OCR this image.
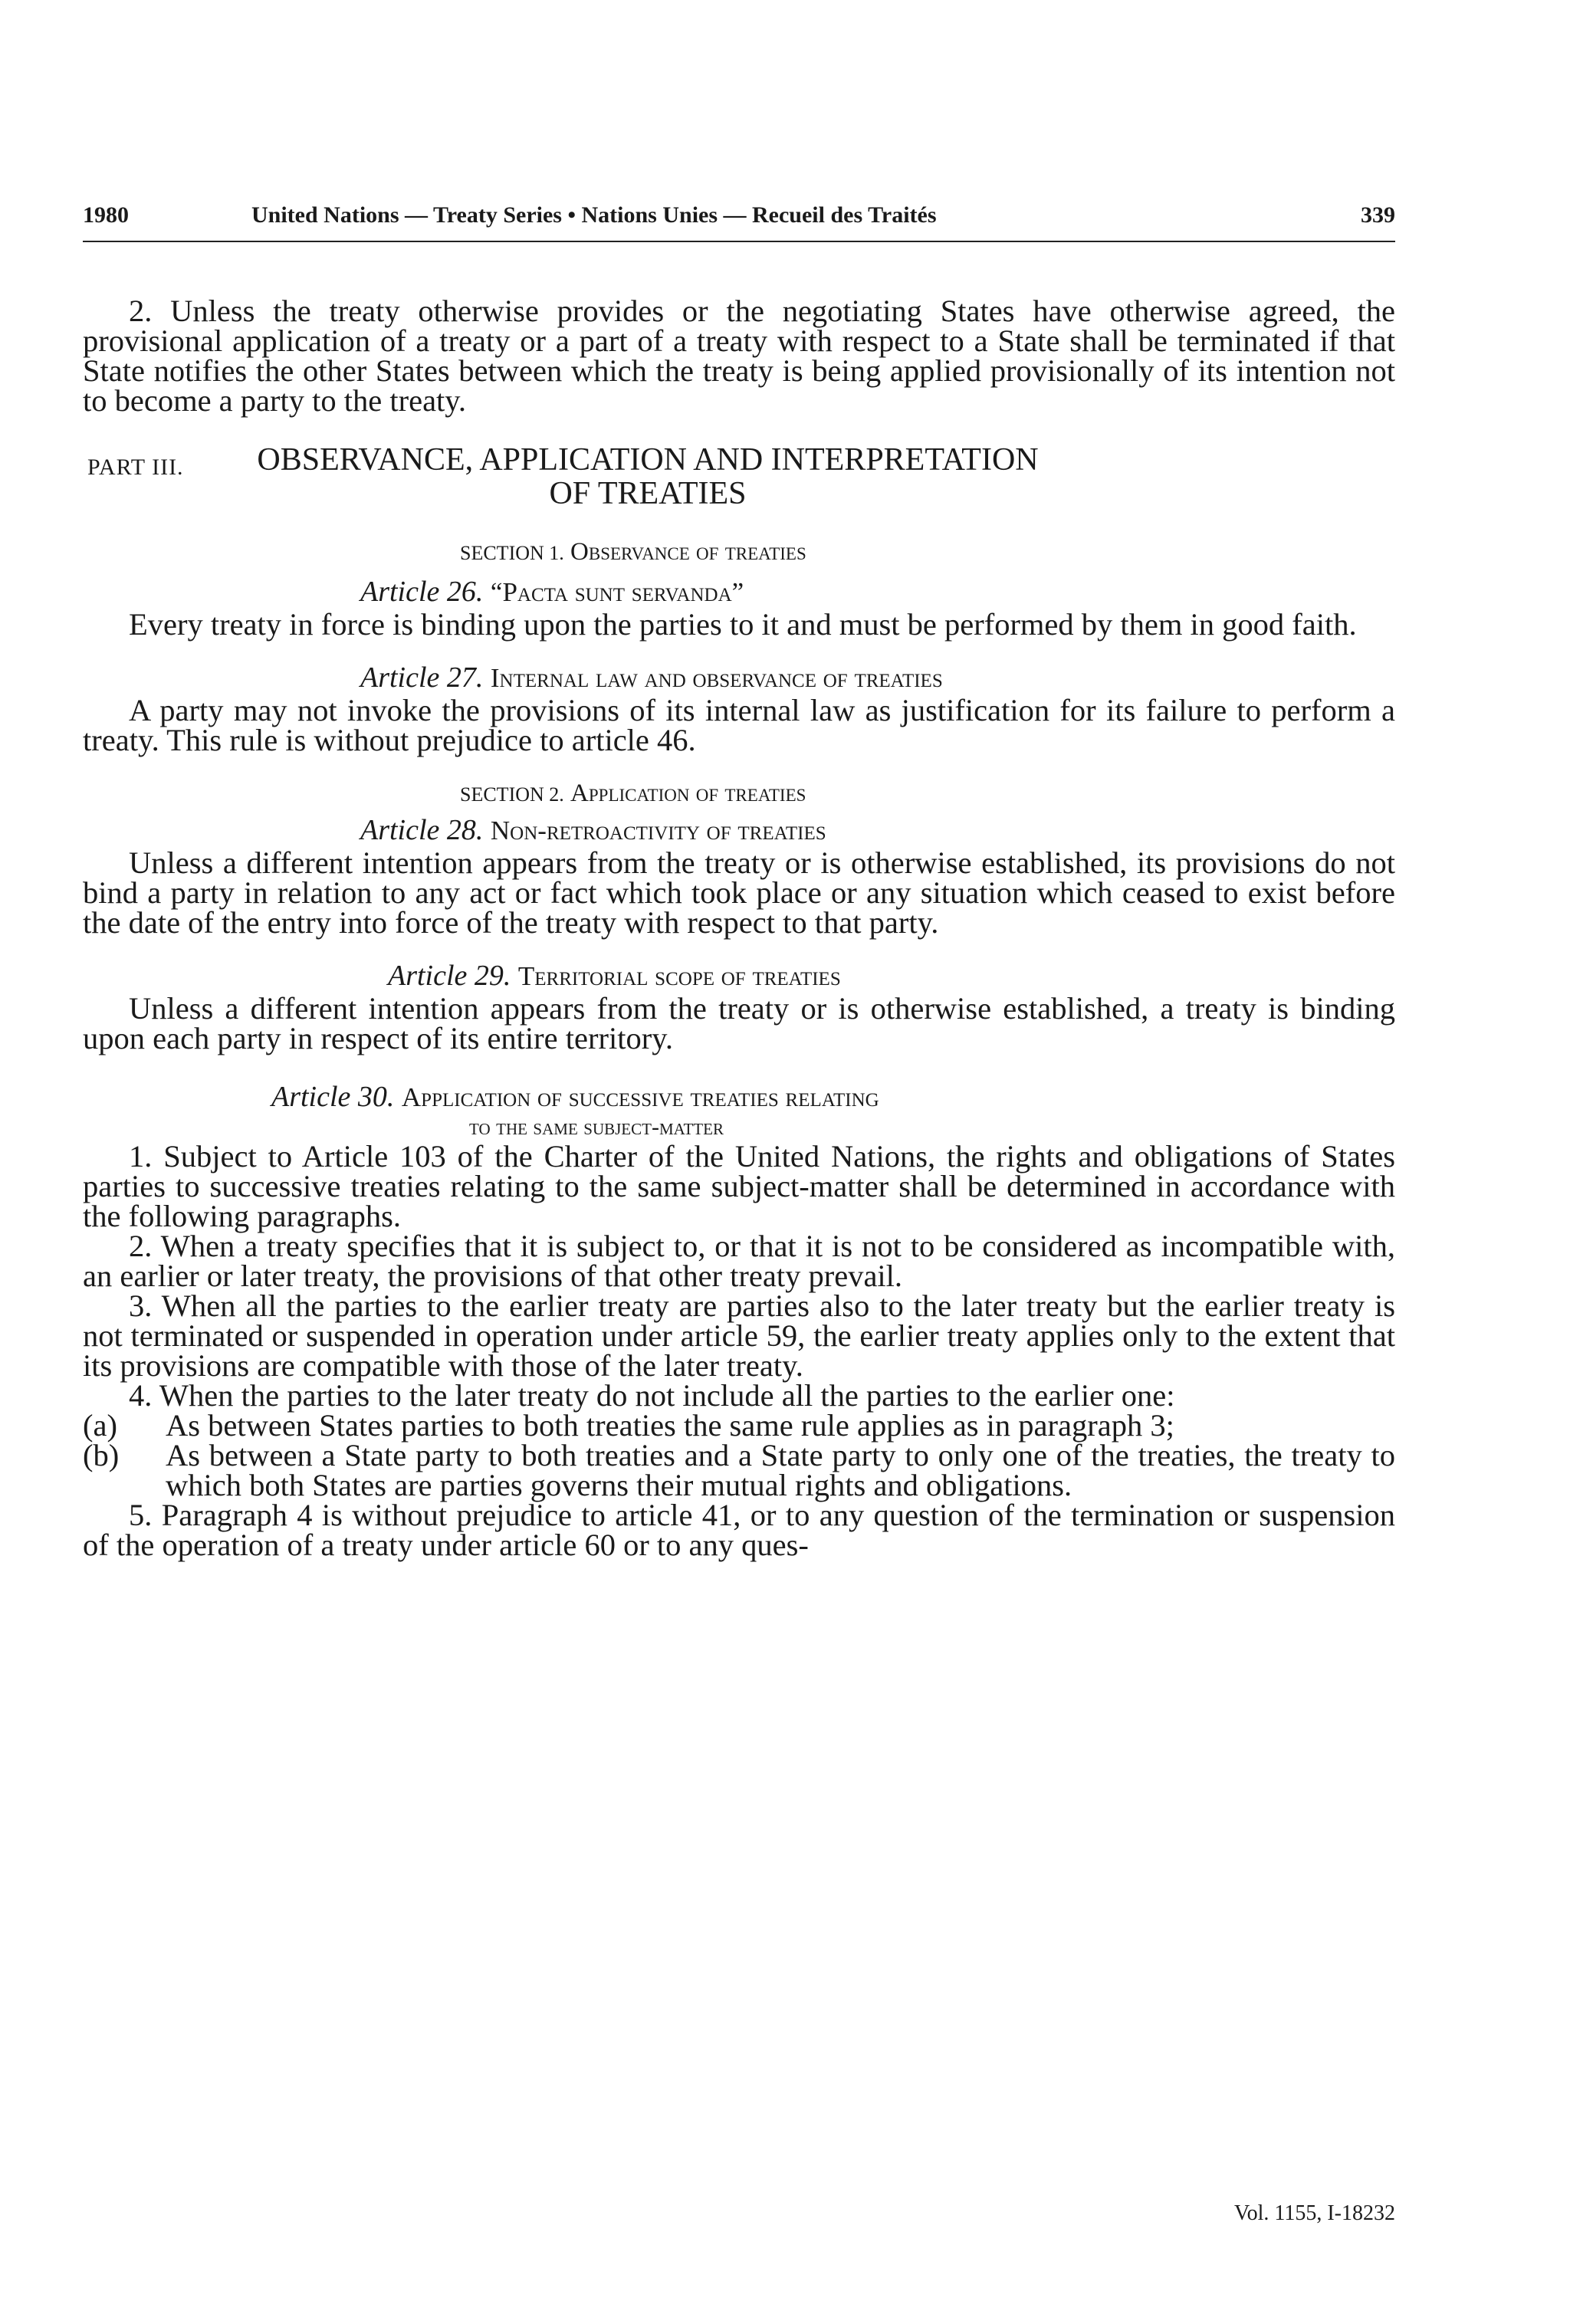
1980	United Nations — Treaty Series • Nations Unies — Recueil des Traités	339

2. Unless the treaty otherwise provides or the negotiating States have otherwise agreed, the provisional application of a treaty or a part of a treaty with respect to a State shall be terminated if that State notifies the other States between which the treaty is being applied provisionally of its intention not to become a party to the treaty.

PART III.	OBSERVANCE, APPLICATION AND INTERPRETATION
OF TREATIES
SECTION 1. Observance of treaties
Article 26. “Pacta sunt servanda”

Every treaty in force is binding upon the parties to it and must be performed by them in good faith.

Article 27. Internal law and observance of treaties

A party may not invoke the provisions of its internal law as justification for its failure to perform a treaty. This rule is without prejudice to article 46.

SECTION 2. Application of treaties
Article 28. Non-retroactivity of treaties

Unless a different intention appears from the treaty or is otherwise established, its provisions do not bind a party in relation to any act or fact which took place or any situation which ceased to exist before the date of the entry into force of the treaty with respect to that party.

Article 29. Territorial scope of treaties

Unless a different intention appears from the treaty or is otherwise established, a treaty is binding upon each party in respect of its entire territory.

Article 30. Application of successive treaties relating
to the same subject-matter

1. Subject to Article 103 of the Charter of the United Nations, the rights and obligations of States parties to successive treaties relating to the same subject-matter shall be determined in accordance with the following paragraphs.

2. When a treaty specifies that it is subject to, or that it is not to be considered as incompatible with, an earlier or later treaty, the provisions of that other treaty prevail.

3. When all the parties to the earlier treaty are parties also to the later treaty but the earlier treaty is not terminated or suspended in operation under article 59, the earlier treaty applies only to the extent that its provisions are compatible with those of the later treaty.

4. When the parties to the later treaty do not include all the parties to the earlier one:

(a)	As between States parties to both treaties the same rule applies as in paragraph 3;
(b)	As between a State party to both treaties and a State party to only one of the treaties, the treaty to which both States are parties governs their mutual rights and obligations.

5. Paragraph 4 is without prejudice to article 41, or to any question of the termination or suspension of the operation of a treaty under article 60 or to any ques-

Vol. 1155, I-18232
